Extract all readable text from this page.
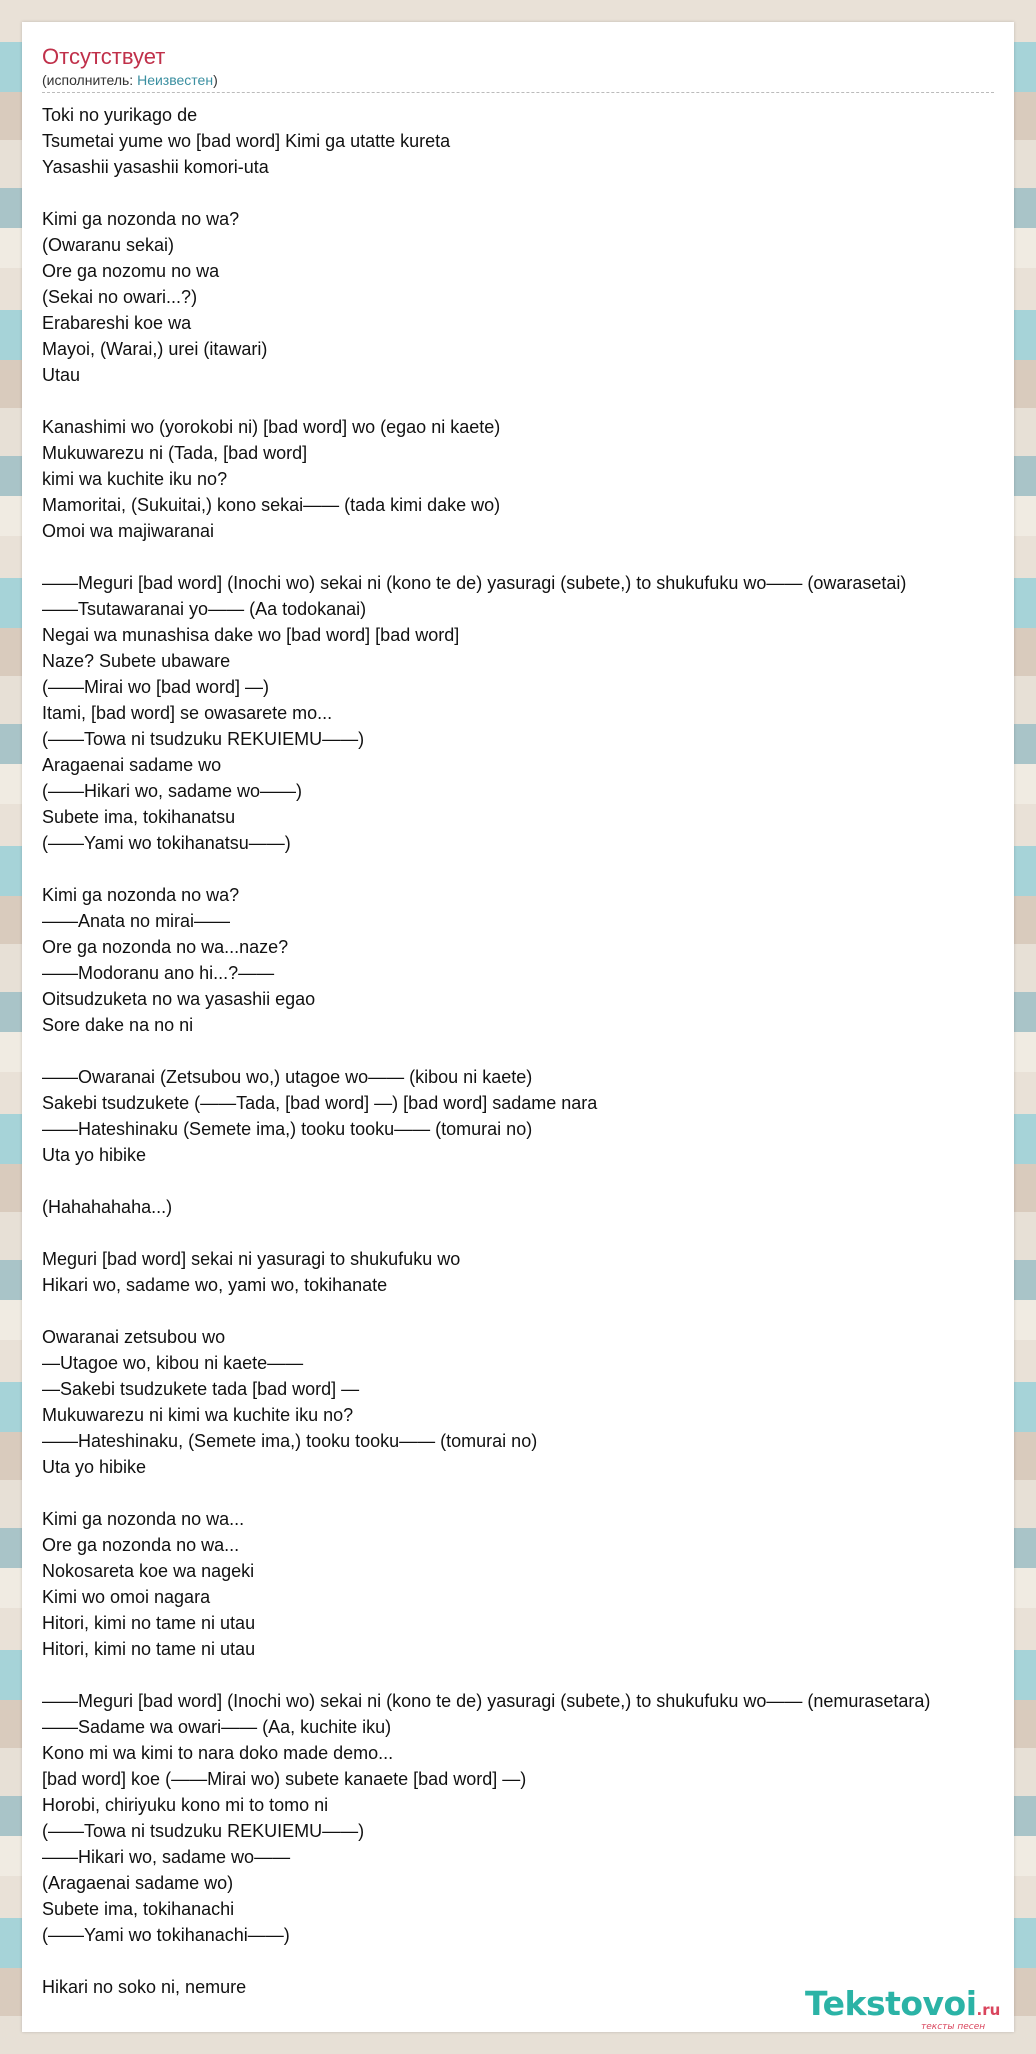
Отсутствует
(исполнитель: Неизвестен)
Toki no yurikago de
Tsumetai yume wo [bad word] Kimi ga utatte kureta
Yasashii yasashii komori-uta
Kimi ga nozonda no wa?
(Owaranu sekai)
Ore ga nozomu no wa
(Sekai no owari...?)
Erabareshi koe wa
Mayoi, (Warai,) urei (itawari)
Utau
Kanashimi wo (yorokobi ni) [bad word] wo (egao ni kaete)
Mukuwarezu ni (Tada, [bad word]
kimi wa kuchite iku no?
Mamoritai, (Sukuitai,) kono sekai—— (tada kimi dake wo)
Omoi wa majiwaranai
——Meguri [bad word] (Inochi wo) sekai ni (kono te de) yasuragi (subete,) to shukufuku wo—— (owarasetai)
——Tsutawaranai yo—— (Aa todokanai)
Negai wa munashisa dake wo [bad word] [bad word]
Naze? Subete ubaware
(——Mirai wo [bad word] —)
Itami, [bad word] se owasarete mo...
(——Towa ni tsudzuku REKUIEMU——)
Aragaenai sadame wo
(——Hikari wo, sadame wo——)
Subete ima, tokihanatsu
(——Yami wo tokihanatsu——)
Kimi ga nozonda no wa?
——Anata no mirai——
Ore ga nozonda no wa...naze?
——Modoranu ano hi...?——
Oitsudzuketa no wa yasashii egao
Sore dake na no ni
——Owaranai (Zetsubou wo,) utagoe wo—— (kibou ni kaete)
Sakebi tsudzukete (——Tada, [bad word] —) [bad word] sadame nara
——Hateshinaku (Semete ima,) tooku tooku—— (tomurai no)
Uta yo hibike
(Hahahahaha...)
Meguri [bad word] sekai ni yasuragi to shukufuku wo
Hikari wo, sadame wo, yami wo, tokihanate
Owaranai zetsubou wo
—Utagoe wo, kibou ni kaete——
—Sakebi tsudzukete tada [bad word] —
Mukuwarezu ni kimi wa kuchite iku no?
——Hateshinaku, (Semete ima,) tooku tooku—— (tomurai no)
Uta yo hibike
Kimi ga nozonda no wa...
Ore ga nozonda no wa...
Nokosareta koe wa nageki
Kimi wo omoi nagara
Hitori, kimi no tame ni utau
Hitori, kimi no tame ni utau
——Meguri [bad word] (Inochi wo) sekai ni (kono te de) yasuragi (subete,) to shukufuku wo—— (nemurasetara)
——Sadame wa owari—— (Aa, kuchite iku)
Kono mi wa kimi to nara doko made demo...
[bad word] koe (——Mirai wo) subete kanaete [bad word] —)
Horobi, chiriyuku kono mi to tomo ni
(——Towa ni tsudzuku REKUIEMU——)
——Hikari wo, sadame wo——
(Aragaenai sadame wo)
Subete ima, tokihanachi
(——Yami wo tokihanachi——)
Hikari no soko ni, nemure	Tekstovoi.ru
тексты песен
